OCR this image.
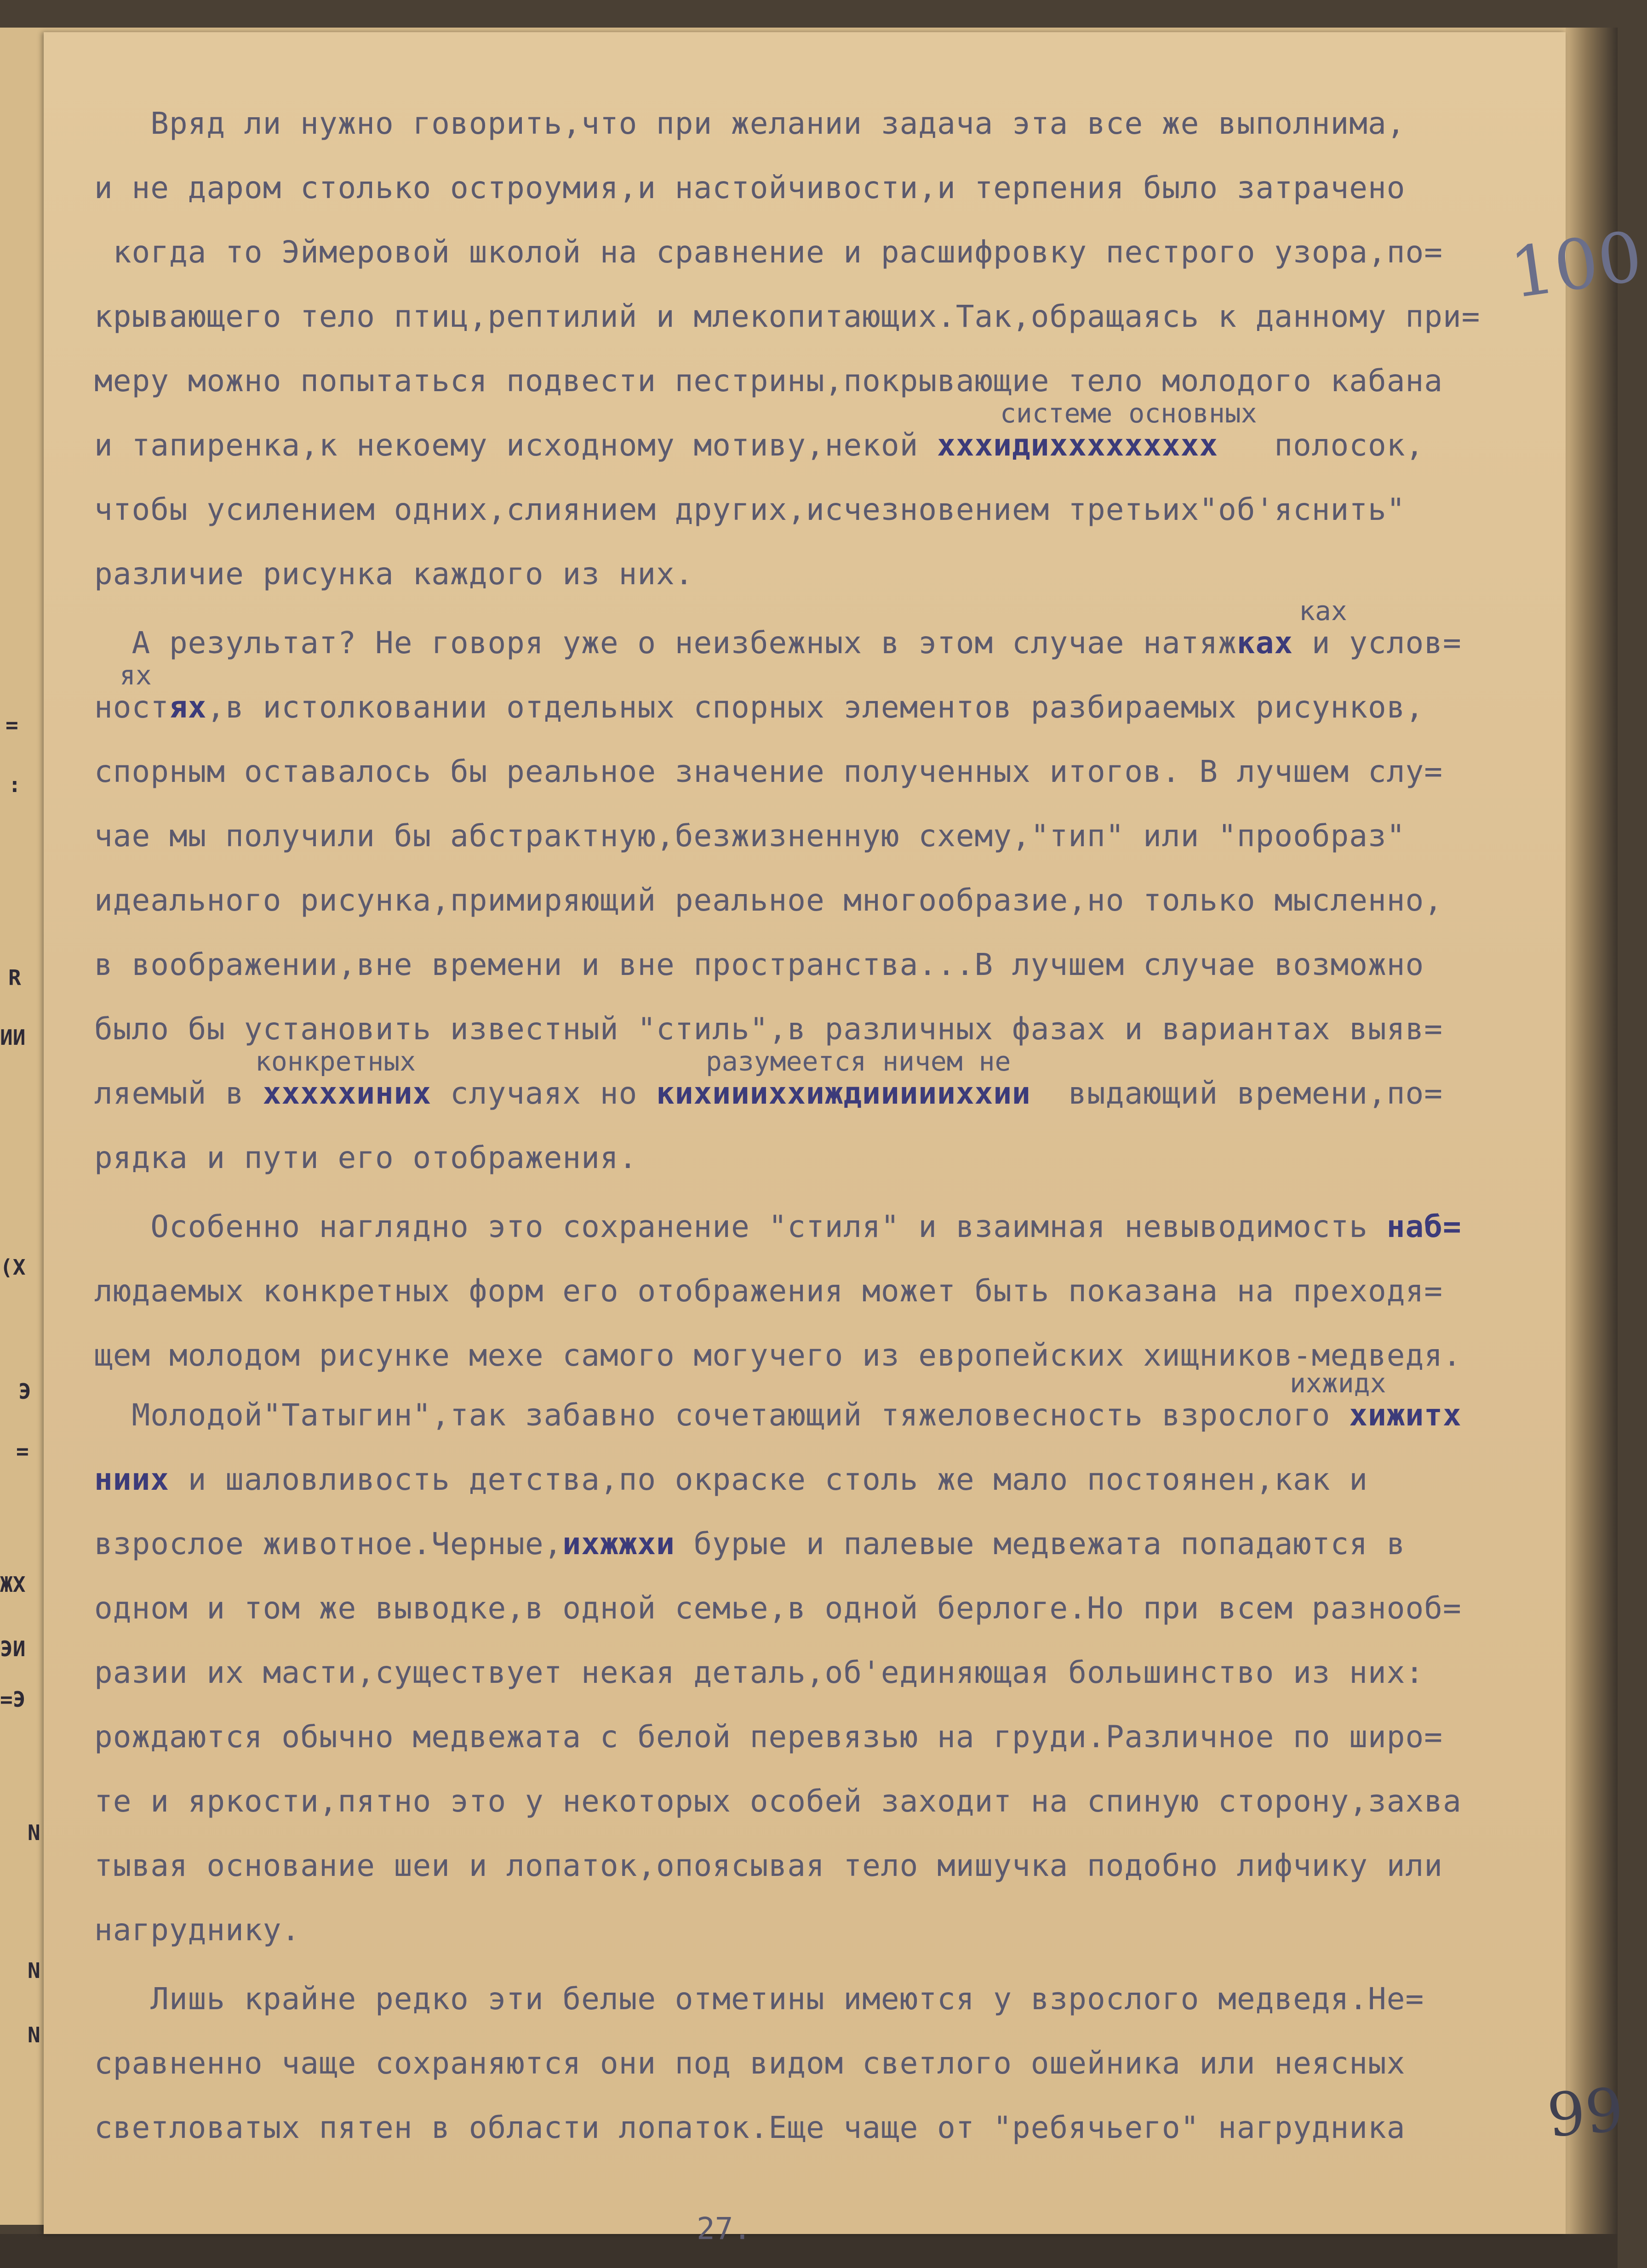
=
:
R
ИИ
(X
Э
=
ЖХ
ЭИ
=Э
N
N
N
100
Вряд ли нужно говорить,что при желании задача эта все же выполнима,
и не даром столько остроумия,и настойчивости,и терпения было затрачено
когда то Эймеровой школой на сравнение и расшифровку пестрого узора,по=
крывающего тело птиц,рептилий и млекопитающих.Так,обращаясь к данному при=
меру можно попытаться подвести пестрины,покрывающие тело молодого кабана
системе основных
и тапиренка,к некоему исходному мотиву,некой хххидиххххххххх   полосок,
чтобы усилением одних,слиянием других,исчезновением третьих"об'яснить"
различие рисунка каждого из них.
ках
А результат? Не говоря уже о неизбежных в этом случае натяжках и услов=
ях
ностях,в истолковании отдельных спорных элементов разбираемых рисунков,
спорным оставалось бы реальное значение полученных итогов. В лучшем слу=
чае мы получили бы абстрактную,безжизненную схему,"тип" или "прообраз"
идеального рисунка,примиряющий реальное многообразие,но только мысленно,
в воображении,вне времени и вне пространства...В лучшем случае возможно
было бы установить известный "стиль",в различных фазах и вариантах выяв=
конкретных	разумеется ничем не
ляемый в хххххиних случаях но кихиииххиждиииииххии  выдающий времени,по=
рядка и пути его отображения.
Особенно наглядно это сохранение "стиля" и взаимная невыводимость наб=
людаемых конкретных форм его отображения может быть показана на преходя=
щем молодом рисунке мехе самого могучего из европейских хищников-медведя.
ихжидх
Молодой"Татыгин",так забавно сочетающий тяжеловесность взрослого хижитх
ниих и шаловливость детства,по окраске столь же мало постоянен,как и
взрослое животное.Черные,ихжжхи бурые и палевые медвежата попадаются в
одном и том же выводке,в одной семье,в одной берлоге.Но при всем разнооб=
разии их масти,существует некая деталь,об'единяющая большинство из них:
рождаются обычно медвежата с белой перевязью на груди.Различное по широ=
те и яркости,пятно это у некоторых особей заходит на спиную сторону,захва
тывая основание шеи и лопаток,опоясывая тело мишучка подобно лифчику или
нагруднику.
Лишь крайне редко эти белые отметины имеются у взрослого медведя.Не=
сравненно чаще сохраняются они под видом светлого ошейника или неясных
светловатых пятен в области лопаток.Еще чаще от "ребячьего" нагрудника 99
27.
